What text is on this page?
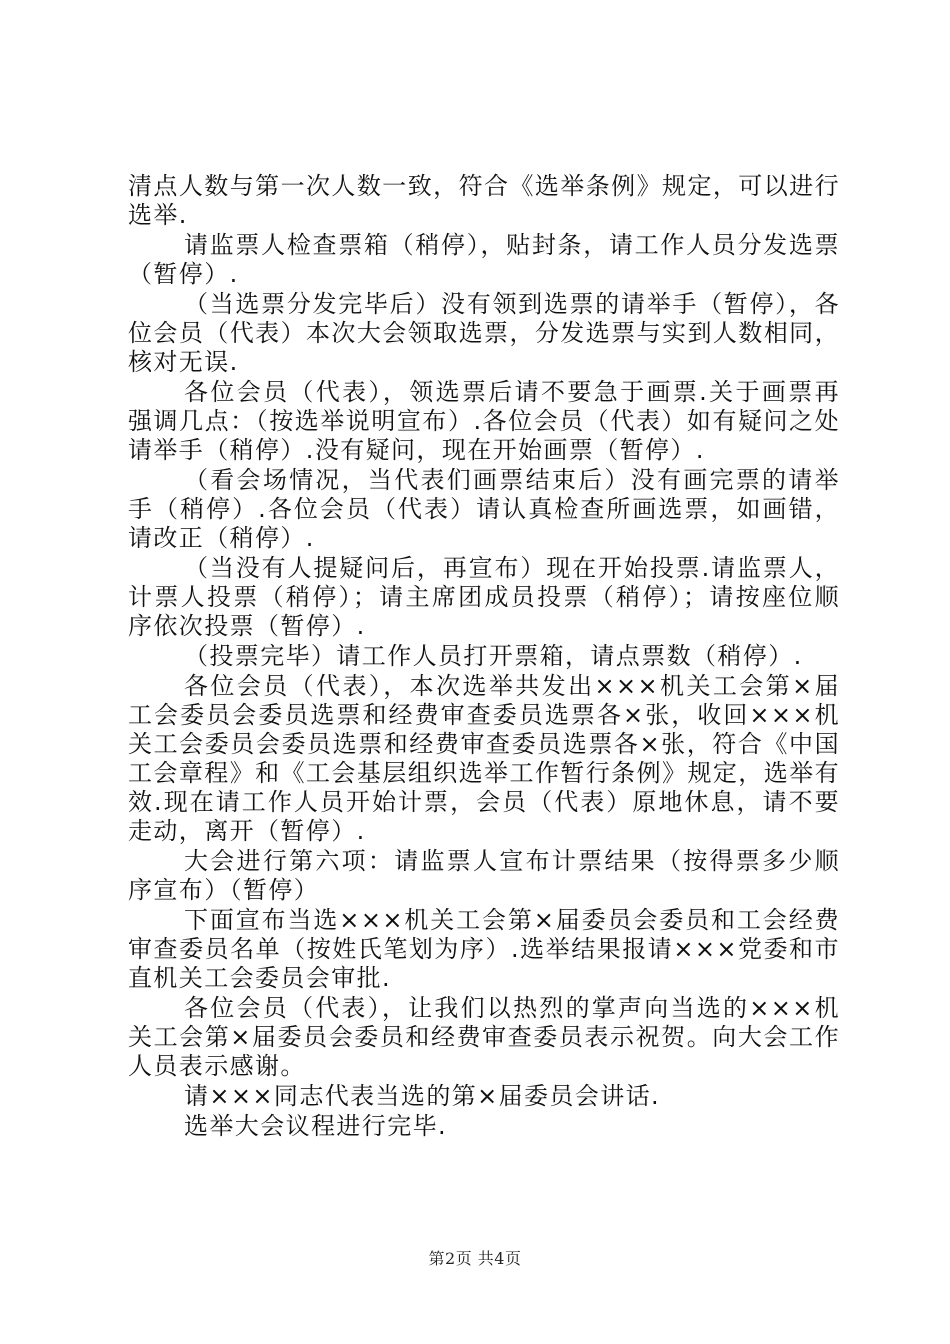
清点人数与第一次人数一致，符合《选举条例》规定，可以进行选举.

请监票人检查票箱（稍停），贴封条，请工作人员分发选票（暂停）.

（当选票分发完毕后）没有领到选票的请举手（暂停），各位会员（代表）本次大会领取选票，分发选票与实到人数相同，核对无误.

各位会员（代表），领选票后请不要急于画票.关于画票再强调几点：（按选举说明宣布）.各位会员（代表）如有疑问之处请举手（稍停）.没有疑问，现在开始画票（暂停）.

（看会场情况，当代表们画票结束后）没有画完票的请举手（稍停）.各位会员（代表）请认真检查所画选票，如画错，请改正（稍停）.

（当没有人提疑问后，再宣布）现在开始投票.请监票人，计票人投票（稍停）；请主席团成员投票（稍停）；请按座位顺序依次投票（暂停）.

（投票完毕）请工作人员打开票箱，请点票数（稍停）.

各位会员（代表），本次选举共发出×××机关工会第×届工会委员会委员选票和经费审查委员选票各×张，收回×××机关工会委员会委员选票和经费审查委员选票各×张，符合《中国工会章程》和《工会基层组织选举工作暂行条例》规定，选举有效.现在请工作人员开始计票，会员（代表）原地休息，请不要走动，离开（暂停）.

大会进行第六项：请监票人宣布计票结果（按得票多少顺序宣布）（暂停）

下面宣布当选×××机关工会第×届委员会委员和工会经费审查委员名单（按姓氏笔划为序）.选举结果报请×××党委和市直机关工会委员会审批.

各位会员（代表），让我们以热烈的掌声向当选的×××机关工会第×届委员会委员和经费审查委员表示祝贺。向大会工作人员表示感谢。

请×××同志代表当选的第×届委员会讲话.

选举大会议程进行完毕.

第2页 共4页
